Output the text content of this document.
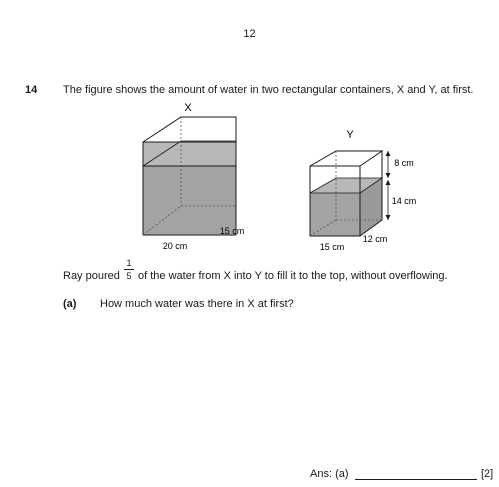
12
14 The figure shows the amount of water in two rectangular containers, X and Y, at first.
X
20 cm
15 cm
Y
8 cm
14 cm
12 cm
15 cm
Ray poured
1
5 of the water from X into Y to fill it to the top, without overflowing.
(a) How much water was there in X at first?
Ans: (a)	[2]
